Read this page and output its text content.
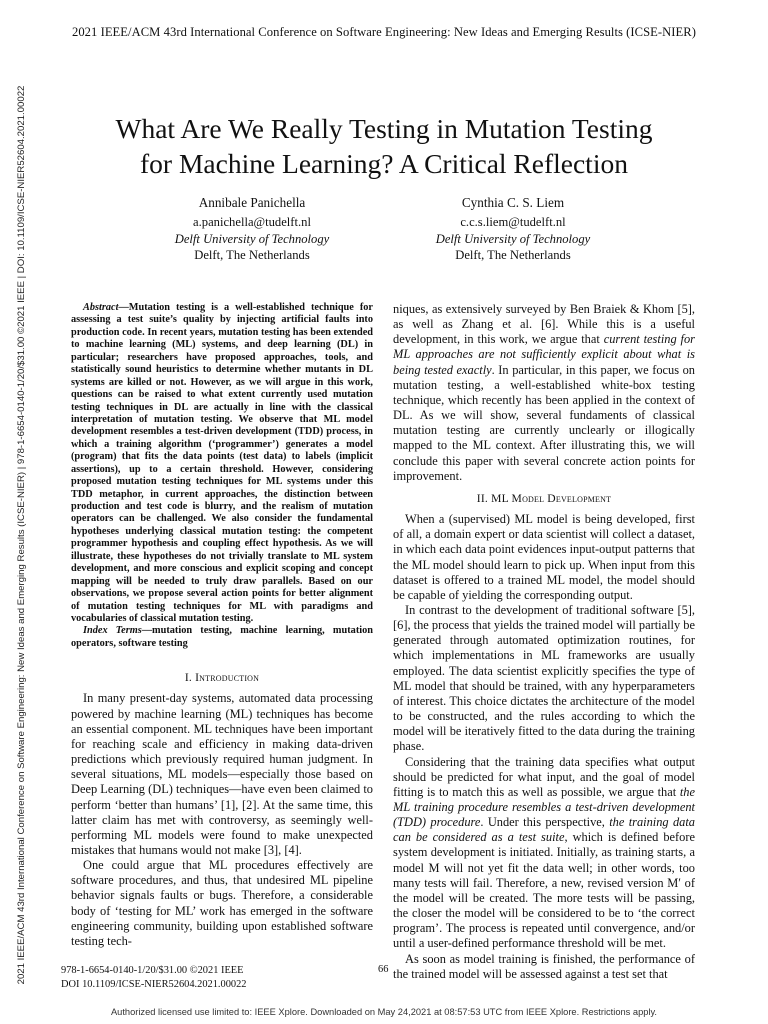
2021 IEEE/ACM 43rd International Conference on Software Engineering: New Ideas and Emerging Results (ICSE-NIER)
2021 IEEE/ACM 43rd International Conference on Software Engineering: New Ideas and Emerging Results (ICSE-NIER) | 978-1-6654-0140-1/20/$31.00 ©2021 IEEE | DOI: 10.1109/ICSE-NIER52604.2021.00022	What Are We Really Testing in Mutation Testing
for Machine Learning? A Critical Reflection
Annibale Panichella
a.panichella@tudelft.nl
Delft University of Technology
Delft, The Netherlands
Cynthia C. S. Liem
c.c.s.liem@tudelft.nl
Delft University of Technology
Delft, The Netherlands

Abstract—Mutation testing is a well-established technique for assessing a test suite’s quality by injecting artificial faults into production code. In recent years, mutation testing has been extended to machine learning (ML) systems, and deep learning (DL) in particular; researchers have proposed approaches, tools, and statistically sound heuristics to determine whether mutants in DL systems are killed or not. However, as we will argue in this work, questions can be raised to what extent currently used mutation testing techniques in DL are actually in line with the classical interpretation of mutation testing. We observe that ML model development resembles a test-driven development (TDD) process, in which a training algorithm (‘programmer’) generates a model (program) that fits the data points (test data) to labels (implicit assertions), up to a certain threshold. However, considering proposed mutation testing techniques for ML systems under this TDD metaphor, in current approaches, the distinction between production and test code is blurry, and the realism of mutation operators can be challenged. We also consider the fundamental hypotheses underlying classical mutation testing: the competent programmer hypothesis and coupling effect hypothesis. As we will illustrate, these hypotheses do not trivially translate to ML system development, and more conscious and explicit scoping and concept mapping will be needed to truly draw parallels. Based on our observations, we propose several action points for better alignment of mutation testing techniques for ML with paradigms and vocabularies of classical mutation testing.

Index Terms—mutation testing, machine learning, mutation operators, software testing

I. Introduction

In many present-day systems, automated data processing powered by machine learning (ML) techniques has become an essential component. ML techniques have been important for reaching scale and efficiency in making data-driven predictions which previously required human judgment. In several situations, ML models—especially those based on Deep Learning (DL) techniques—have even been claimed to perform ‘better than humans’ [1], [2]. At the same time, this latter claim has met with controversy, as seemingly well-performing ML models were found to make unexpected mistakes that humans would not make [3], [4].

One could argue that ML procedures effectively are software procedures, and thus, that undesired ML pipeline behavior signals faults or bugs. Therefore, a considerable body of ‘testing for ML’ work has emerged in the software engineering community, building upon established software testing tech-

niques, as extensively surveyed by Ben Braiek & Khom [5], as well as Zhang et al. [6]. While this is a useful development, in this work, we argue that current testing for ML approaches are not sufficiently explicit about what is being tested exactly. In particular, in this paper, we focus on mutation testing, a well-established white-box testing technique, which recently has been applied in the context of DL. As we will show, several fundaments of classical mutation testing are currently unclearly or illogically mapped to the ML context. After illustrating this, we will conclude this paper with several concrete action points for improvement.

II. ML Model Development

When a (supervised) ML model is being developed, first of all, a domain expert or data scientist will collect a dataset, in which each data point evidences input-output patterns that the ML model should learn to pick up. When input from this dataset is offered to a trained ML model, the model should be capable of yielding the corresponding output.

In contrast to the development of traditional software [5], [6], the process that yields the trained model will partially be generated through automated optimization routines, for which implementations in ML frameworks are usually employed. The data scientist explicitly specifies the type of ML model that should be trained, with any hyperparameters of interest. This choice dictates the architecture of the model to be constructed, and the rules according to which the model will be iteratively fitted to the data during the training phase.

Considering that the training data specifies what output should be predicted for what input, and the goal of model fitting is to match this as well as possible, we argue that the ML training procedure resembles a test-driven development (TDD) procedure. Under this perspective, the training data can be considered as a test suite, which is defined before system development is initiated. Initially, as training starts, a model M will not yet fit the data well; in other words, too many tests will fail. Therefore, a new, revised version M′ of the model will be created. The more tests will be passing, the closer the model will be considered to be to ‘the correct program’. The process is repeated until convergence, and/or until a user-defined performance threshold will be met.

As soon as model training is finished, the performance of the trained model will be assessed against a test set that

978-1-6654-0140-1/20/$31.00 ©2021 IEEE
DOI 10.1109/ICSE-NIER52604.2021.00022
66
Authorized licensed use limited to: IEEE Xplore. Downloaded on May 24,2021 at 08:57:53 UTC from IEEE Xplore. Restrictions apply.
